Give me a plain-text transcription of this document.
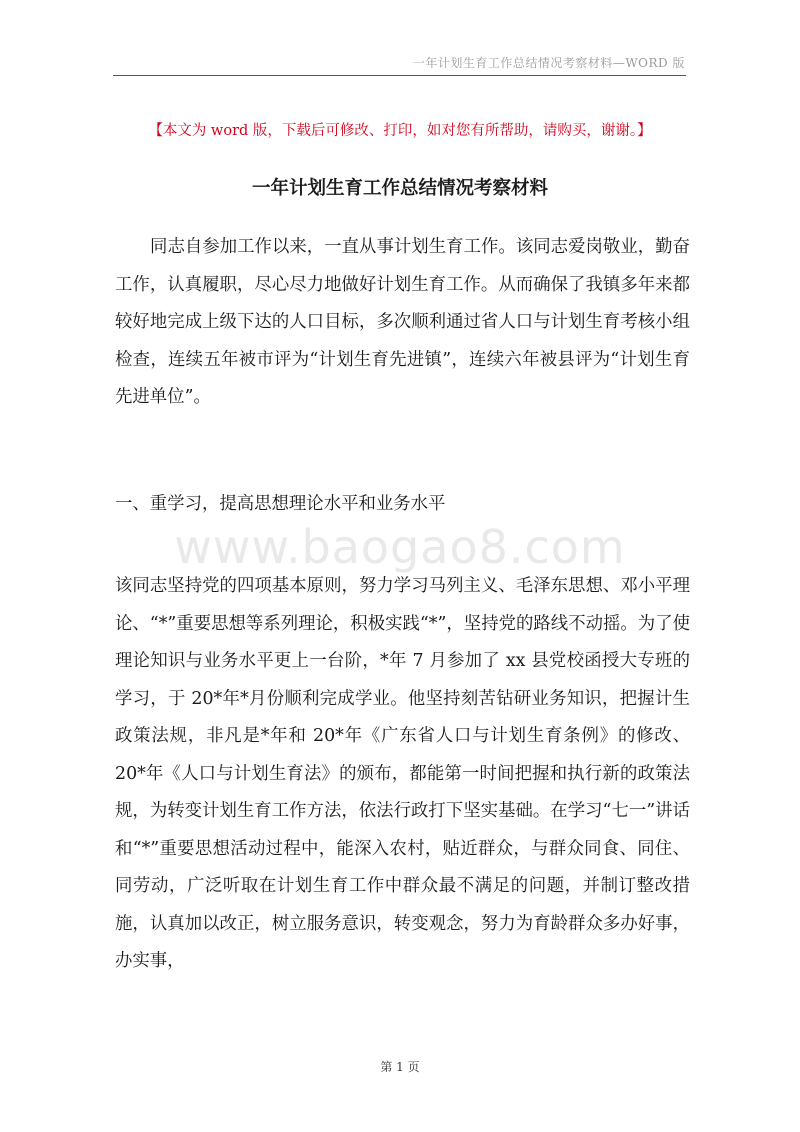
一年计划生育工作总结情况考察材料—WORD 版
【本文为 word 版，下载后可修改、打印，如对您有所帮助，请购买，谢谢。】
一年计划生育工作总结情况考察材料
同志自参加工作以来，一直从事计划生育工作。该同志爱岗敬业，勤奋工作，认真履职，尽心尽力地做好计划生育工作。从而确保了我镇多年来都较好地完成上级下达的人口目标，多次顺利通过省人口与计划生育考核小组检查，连续五年被市评为“计划生育先进镇”，连续六年被县评为“计划生育先进单位”。
一、重学习，提高思想理论水平和业务水平
www.baogao8.com
该同志坚持党的四项基本原则，努力学习马列主义、毛泽东思想、邓小平理论、“*”重要思想等系列理论，积极实践“*”，坚持党的路线不动摇。为了使理论知识与业务水平更上一台阶，*年 7 月参加了 xx 县党校函授大专班的学习，于 20*年*月份顺利完成学业。他坚持刻苦钻研业务知识，把握计生政策法规，非凡是*年和 20*年《广东省人口与计划生育条例》的修改、20*年《人口与计划生育法》的颁布，都能第一时间把握和执行新的政策法规，为转变计划生育工作方法，依法行政打下坚实基础。在学习“七一”讲话和“*”重要思想活动过程中，能深入农村，贴近群众，与群众同食、同住、同劳动，广泛听取在计划生育工作中群众最不满足的问题，并制订整改措施，认真加以改正，树立服务意识，转变观念，努力为育龄群众多办好事，办实事，
第 1 页
